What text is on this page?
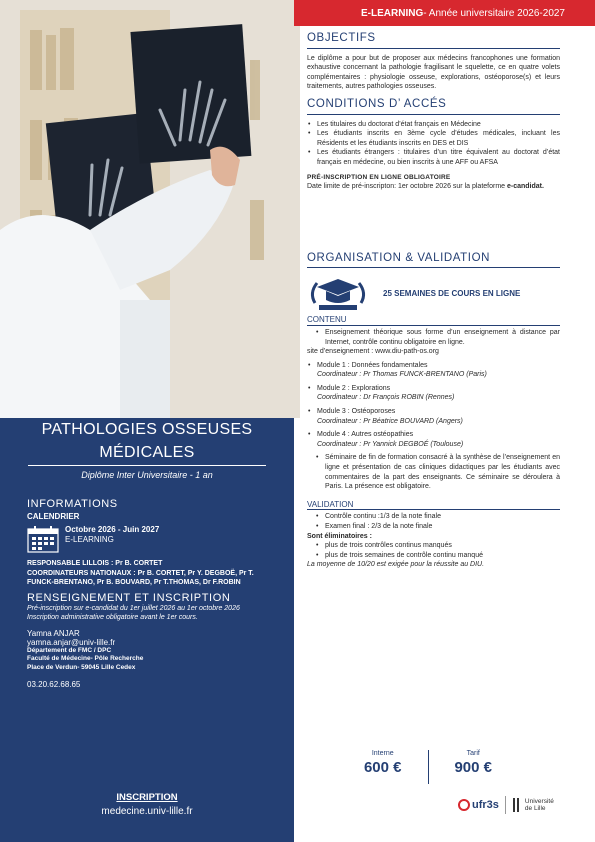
PATHOLOGIES OSSEUSES
MÉDICALES
Diplôme Inter Universitaire - 1 an
INFORMATIONS
CALENDRIER
Octobre 2026 - Juin 2027
E-LEARNING
RESPONSABLE LILLOIS : Pr B. CORTET
COORDINATEURS NATIONAUX : Pr B. CORTET, Pr Y. DEGBOË, Pr T. FUNCK-BRENTANO, Pr B. BOUVARD, Pr T.THOMAS, Dr F.ROBIN
RENSEIGNEMENT ET INSCRIPTION
Pré-inscription sur e-candidat du 1er juillet 2026 au 1er octobre 2026
Inscription administrative obligatoire avant le 1er cours.
Yamna ANJAR
yamna.anjar@univ-lille.fr
Département de FMC / DPC
Faculté de Médecine- Pôle Recherche
Place de Verdun- 59045 Lille Cedex
03.20.62.68.65
INSCRIPTION
medecine.univ-lille.fr
E-LEARNING - Année universitaire 2026-2027
OBJECTIFS
Le diplôme a pour but de proposer aux médecins francophones une formation exhaustive concernant la pathologie fragilisant le squelette, ce en quatre volets complémentaires : physiologie osseuse, explorations, ostéoporose(s) et leurs traitements, autres pathologies osseuses.
CONDITIONS D’ ACCÉS
• Les titulaires du doctorat d’état français en Médecine
• Les étudiants inscrits en 3ème cycle d’études médicales, incluant les Résidents et les étudiants inscrits en DES et DIS
• Les étudiants étrangers : titulaires d’un titre équivalent au doctorat d’état français en médecine, ou bien inscrits à une AFF ou AFSA
PRÉ-INSCRIPTION EN LIGNE OBLIGATOIRE
Date limite de pré-inscripton: 1er octobre 2026 sur la plateforme e-candidat.
ORGANISATION & VALIDATION
25 SEMAINES DE COURS EN LIGNE
CONTENU
• Enseignement théorique sous forme d’un enseignement à distance par Internet, contrôle continu obligatoire en ligne.
site d’enseignement : www.diu-path-os.org
• Module 1 : Données fondamentales
Coordinateur : Pr Thomas FUNCK-BRENTANO (Paris)
• Module 2 : Explorations
Coordinateur : Dr François ROBIN (Rennes)
• Module 3 : Ostéoporoses
Coordinateur : Pr Béatrice BOUVARD (Angers)
• Module 4 : Autres ostéopathies
Coordinateur : Pr Yannick DEGBOÉ (Toulouse)
• Séminaire de fin de formation consacré à la synthèse de l’enseignement en ligne et présentation de cas cliniques didactiques par les étudiants avec commentaires de la part des enseignants. Ce séminaire se déroulera à Paris. La présence est obligatoire.
VALIDATION
• Contrôle continu :1/3 de la note finale
• Examen final : 2/3 de la note finale
Sont éliminatoires :
• plus de trois contrôles continus manqués
• plus de trois semaines de contrôle continu manqué
La moyenne de 10/20 est exigée pour la réussite au DIU.
Interne
600 €
Tarif
900 €
ufr3s	Université
de Lille
